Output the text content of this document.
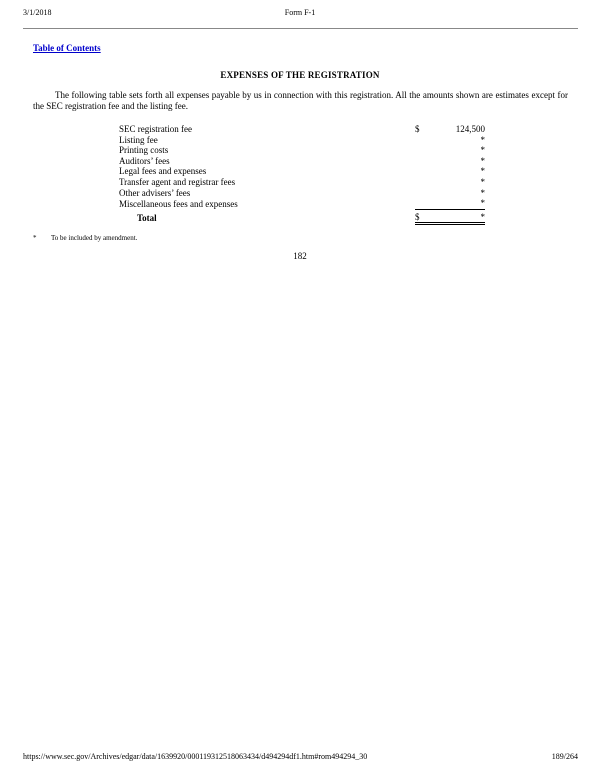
3/1/2018	Form F-1
Table of Contents
EXPENSES OF THE REGISTRATION
The following table sets forth all expenses payable by us in connection with this registration. All the amounts shown are estimates except for the SEC registration fee and the listing fee.
SEC registration fee	$	124,500
Listing fee		*
Printing costs		*
Auditors’ fees		*
Legal fees and expenses		*
Transfer agent and registrar fees		*
Other advisers’ fees		*
Miscellaneous fees and expenses		*
Total	$	*
* To be included by amendment.
182
https://www.sec.gov/Archives/edgar/data/1639920/000119312518063434/d494294df1.htm#rom494294_30	189/264
